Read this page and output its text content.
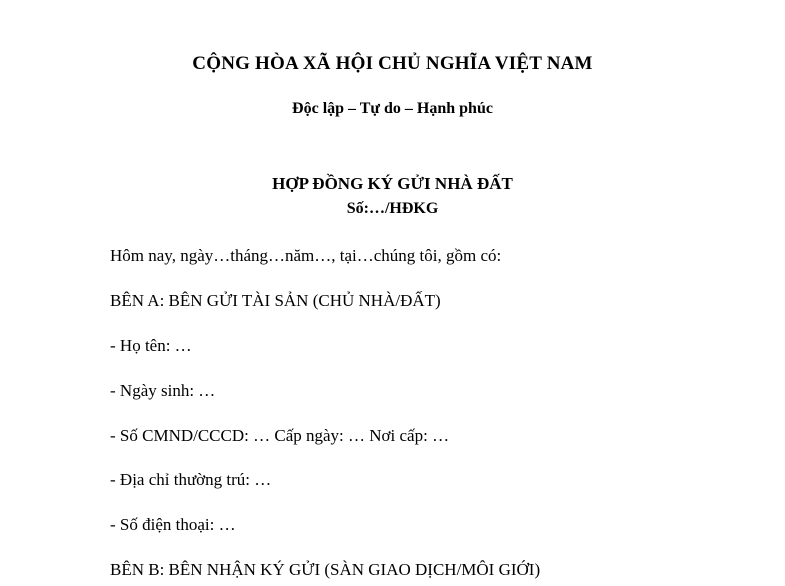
CỘNG HÒA XÃ HỘI CHỦ NGHĨA VIỆT NAM
Độc lập – Tự do – Hạnh phúc
HỢP ĐỒNG KÝ GỬI NHÀ ĐẤT
Số:…/HĐKG

Hôm nay, ngày…tháng…năm…, tại…chúng tôi, gồm có:

BÊN A: BÊN GỬI TÀI SẢN (CHỦ NHÀ/ĐẤT)

- Họ tên: …

- Ngày sinh: …

- Số CMND/CCCD: … Cấp ngày: … Nơi cấp: …

- Địa chỉ thường trú: …

- Số điện thoại: …

BÊN B: BÊN NHẬN KÝ GỬI (SÀN GIAO DỊCH/MÔI GIỚI)
